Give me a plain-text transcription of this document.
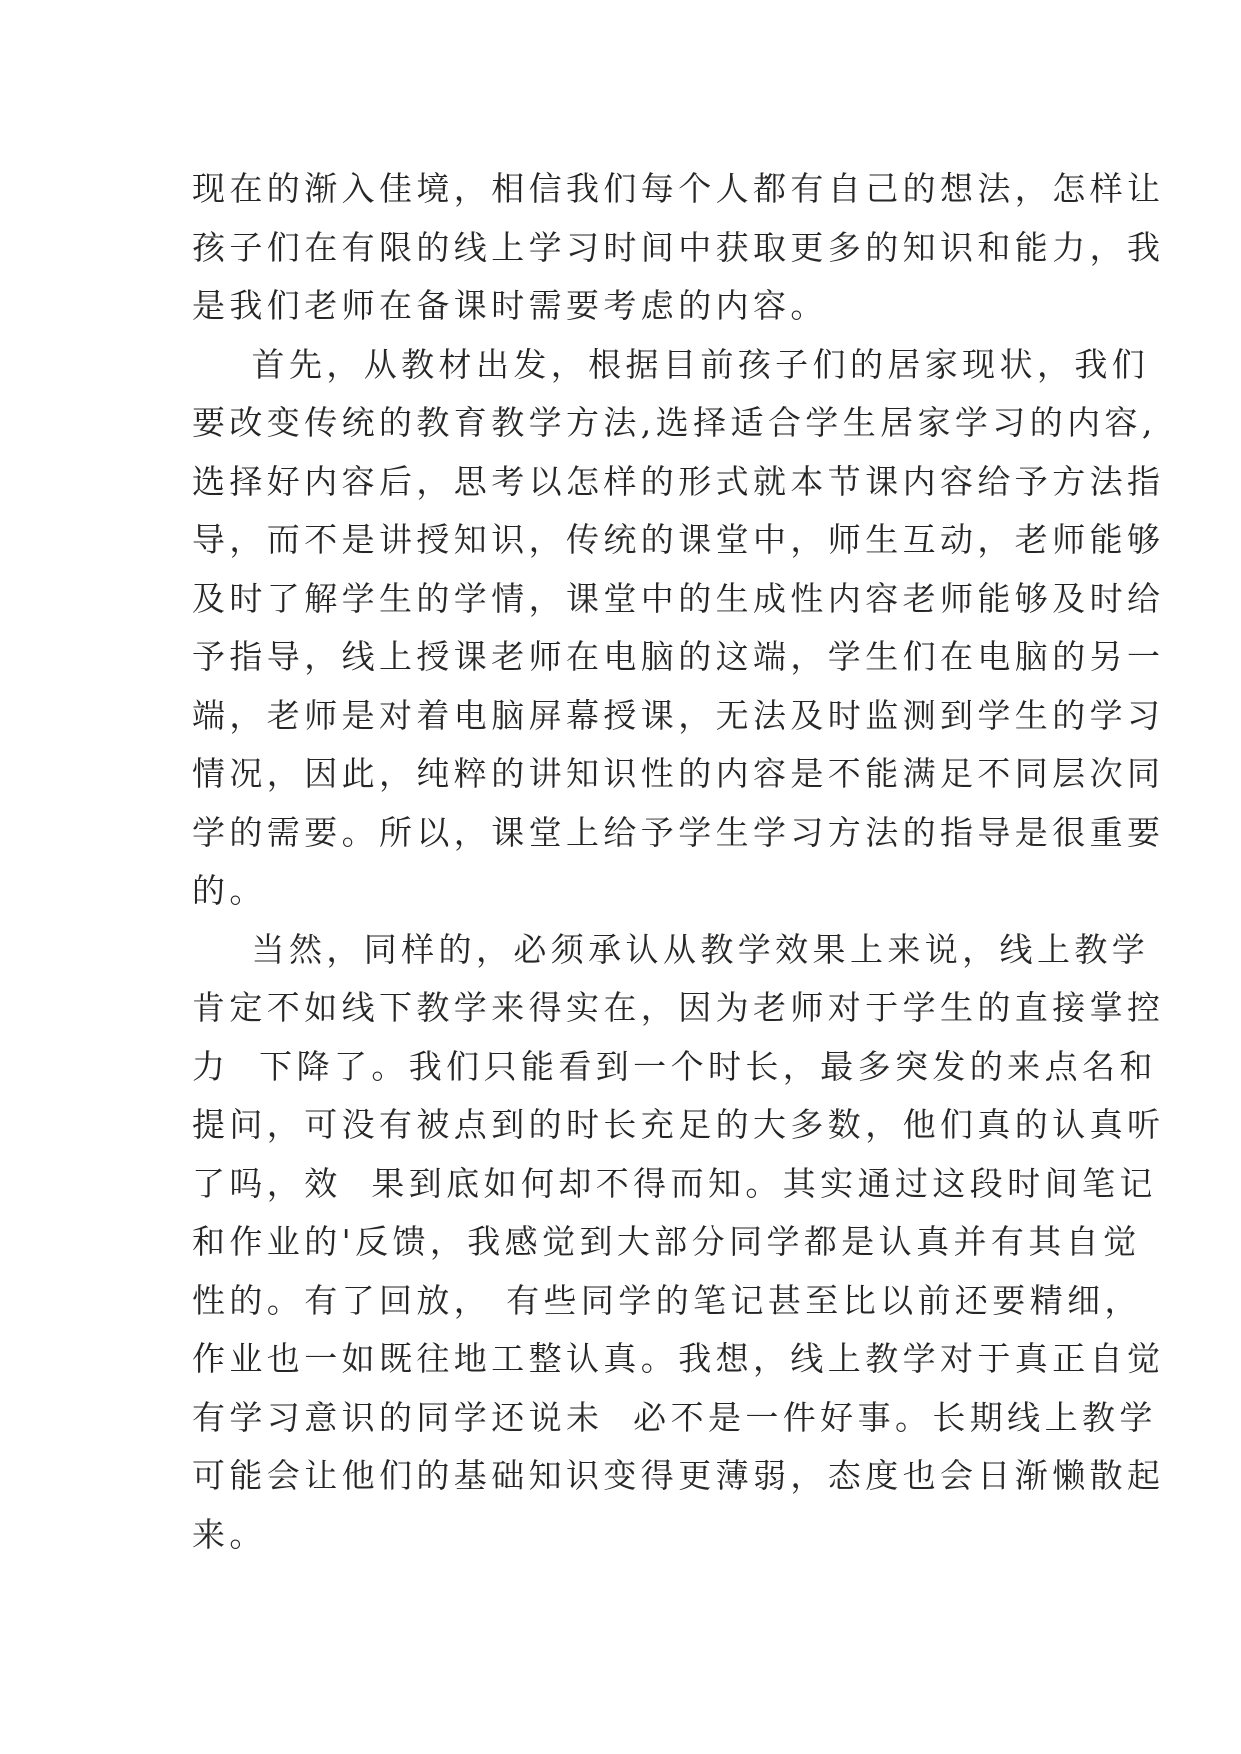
现在的渐入佳境，相信我们每个人都有自己的想法，怎样让
孩子们在有限的线上学习时间中获取更多的知识和能力，我
是我们老师在备课时需要考虑的内容。
首先，从教材出发，根据目前孩子们的居家现状，我们
要改变传统的教育教学方法,选择适合学生居家学习的内容,
选择好内容后，思考以怎样的形式就本节课内容给予方法指
导，而不是讲授知识，传统的课堂中，师生互动，老师能够
及时了解学生的学情，课堂中的生成性内容老师能够及时给
予指导，线上授课老师在电脑的这端，学生们在电脑的另一
端，老师是对着电脑屏幕授课，无法及时监测到学生的学习
情况，因此，纯粹的讲知识性的内容是不能满足不同层次同
学的需要。所以，课堂上给予学生学习方法的指导是很重要
的。
当然，同样的，必须承认从教学效果上来说，线上教学
肯定不如线下教学来得实在，因为老师对于学生的直接掌控
力  下降了。我们只能看到一个时长，最多突发的来点名和
提问，可没有被点到的时长充足的大多数，他们真的认真听
了吗，效  果到底如何却不得而知。其实通过这段时间笔记
和作业的'反馈，我感觉到大部分同学都是认真并有其自觉
性的。有了回放， 有些同学的笔记甚至比以前还要精细，
作业也一如既往地工整认真。我想，线上教学对于真正自觉
有学习意识的同学还说未  必不是一件好事。长期线上教学
可能会让他们的基础知识变得更薄弱，态度也会日渐懒散起
来。
